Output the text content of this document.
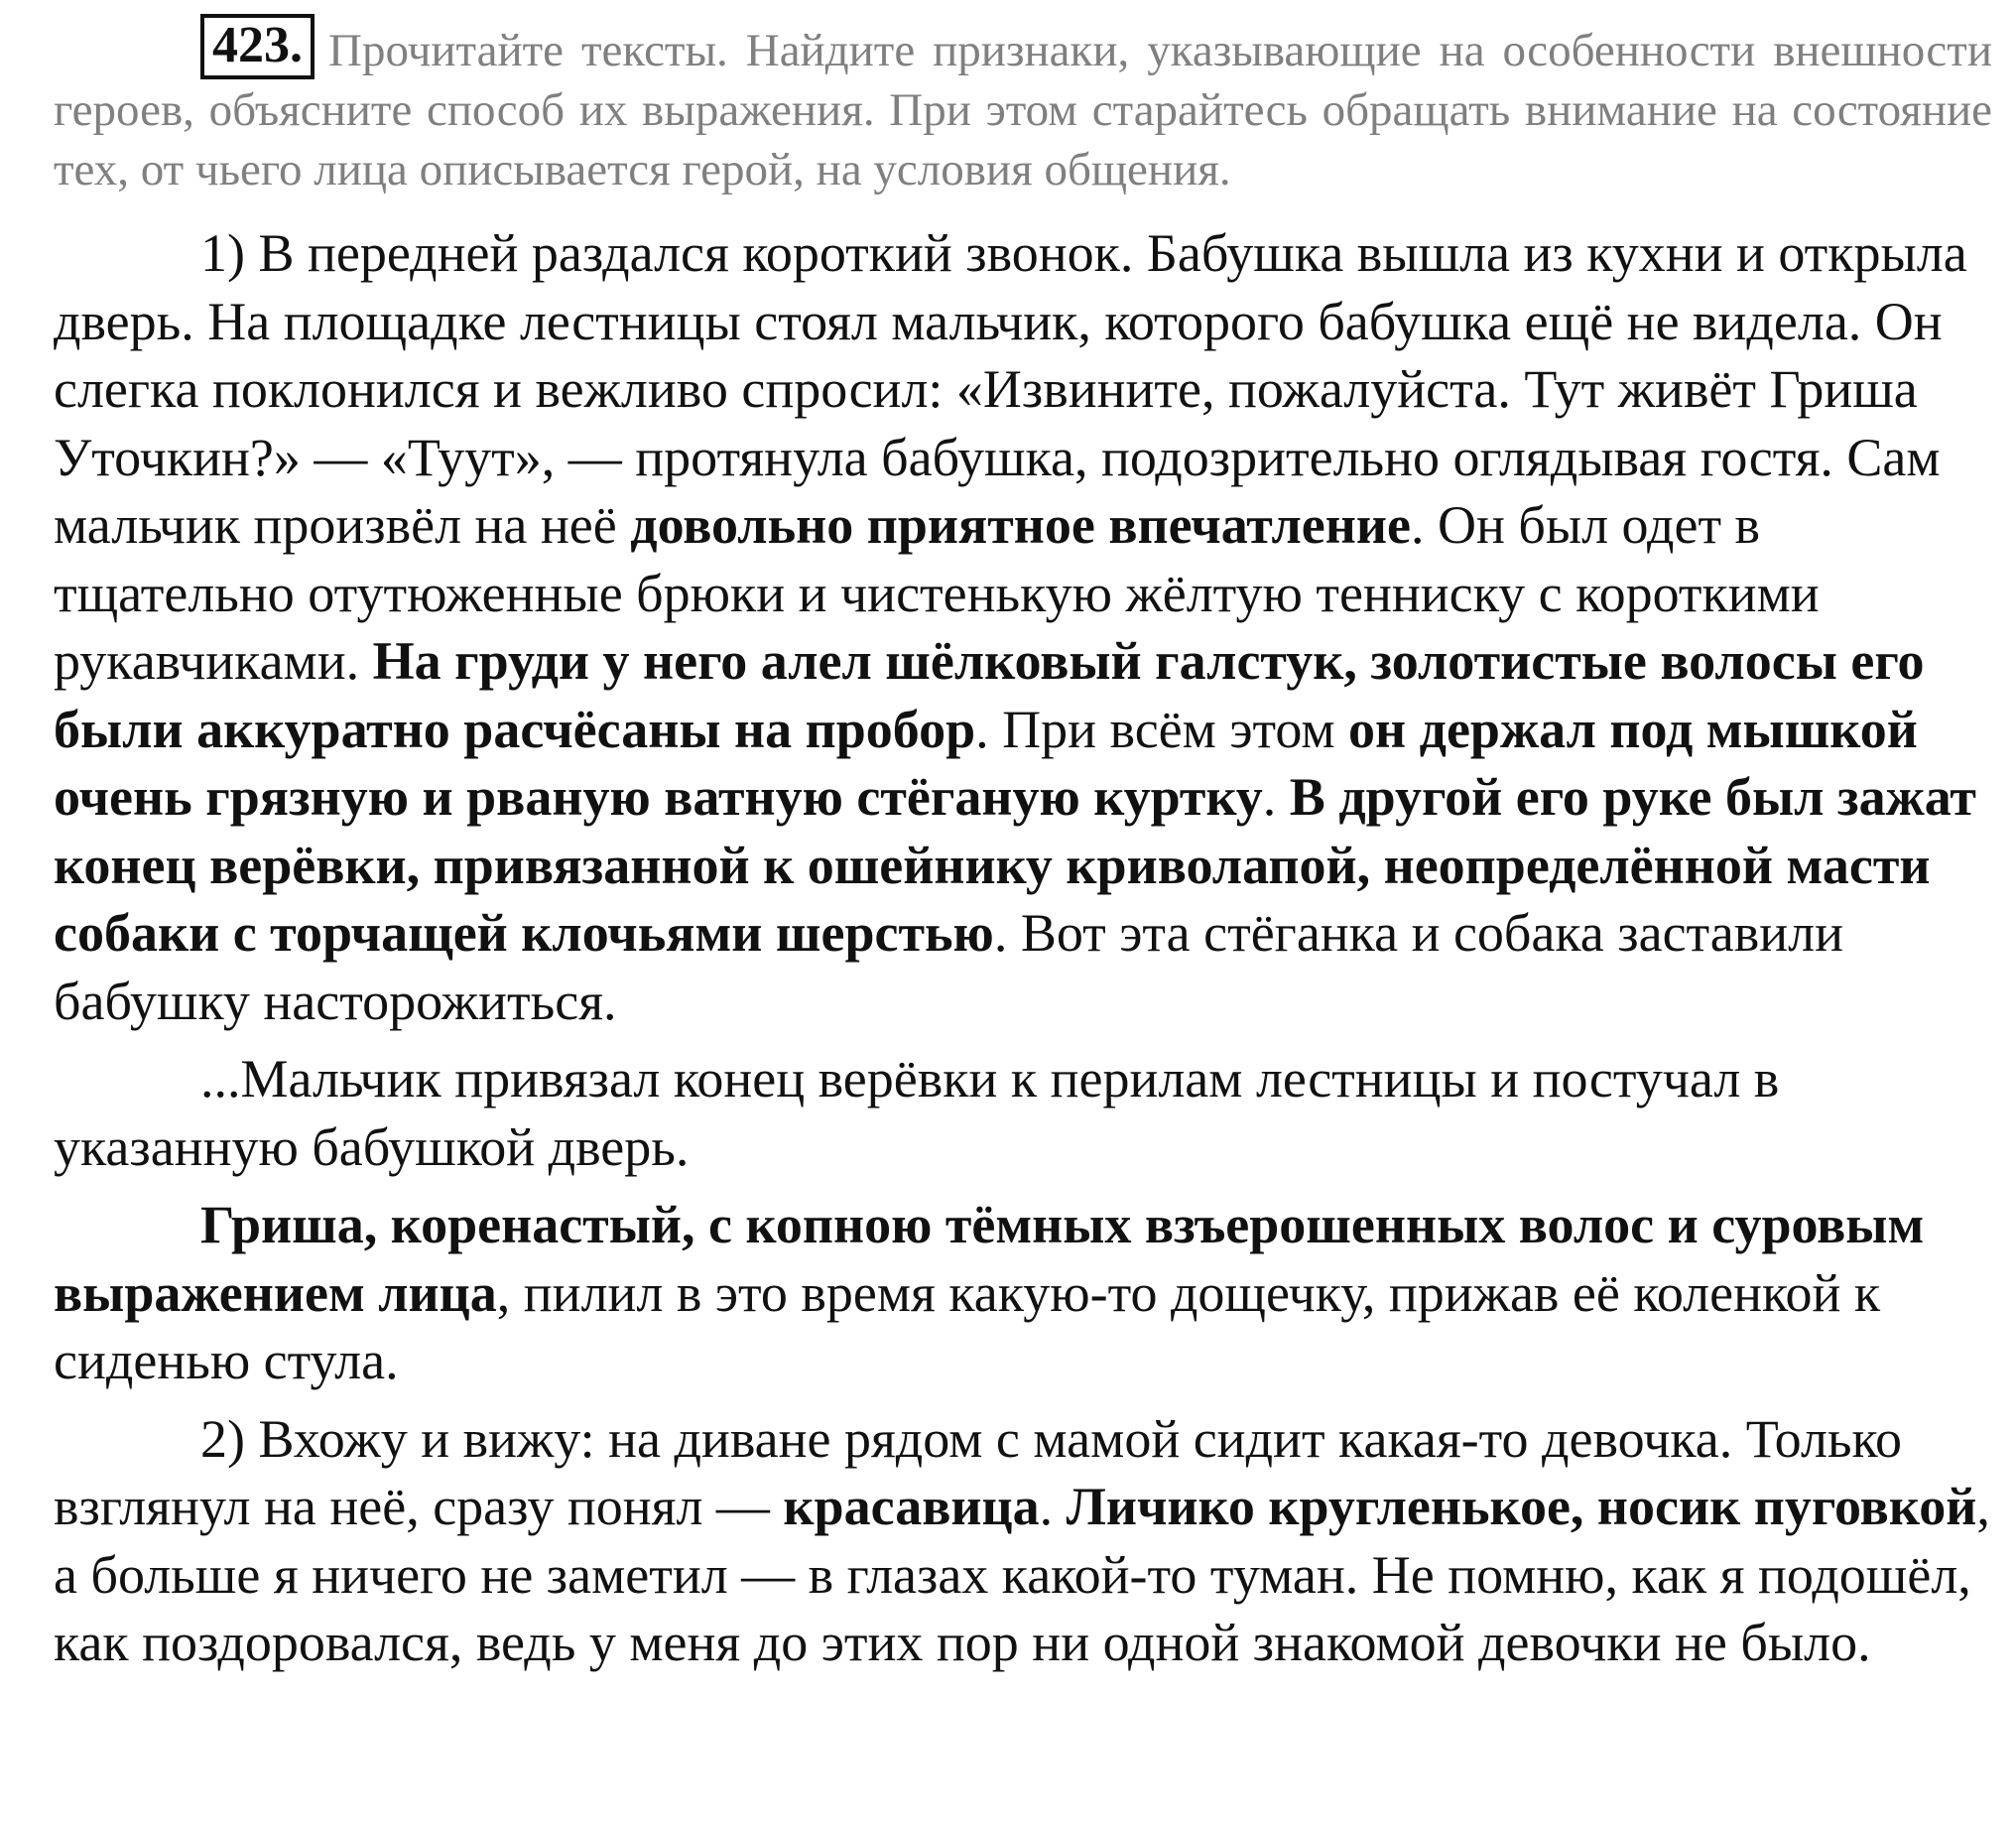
423. Прочитайте тексты. Найдите признаки, указывающие на особенности внешности героев, объясните способ их выражения. При этом старайтесь обращать внимание на состояние тех, от чьего лица описывается герой, на условия общения.

1) В передней раздался короткий звонок. Бабушка вышла из кухни и открыла дверь. На площадке лестницы стоял мальчик, которого бабушка ещё не видела. Он слегка поклонился и вежливо спросил: «Извините, пожалуйста. Тут живёт Гриша Уточкин?» — «Туут», — протянула бабушка, подозрительно оглядывая гостя. Сам мальчик произвёл на неё довольно приятное впечатление. Он был одет в тщательно отутюженные брюки и чистенькую жёлтую тенниску с короткими рукавчиками. На груди у него алел шёлковый галстук, золотистые волосы его были аккуратно расчёсаны на пробор. При всём этом он держал под мышкой очень грязную и рваную ватную стёганую куртку. В другой его руке был зажат конец верёвки, привязанной к ошейнику криволапой, неопределённой масти собаки с торчащей клочьями шерстью. Вот эта стёганка и собака заставили бабушку насторожиться.

...Мальчик привязал конец верёвки к перилам лестницы и постучал в указанную бабушкой дверь.

Гриша, коренастый, с копною тёмных взъерошенных волос и суровым выражением лица, пилил в это время какую-то дощечку, прижав её коленкой к сиденью стула.

2) Вхожу и вижу: на диване рядом с мамой сидит какая-то девочка. Только взглянул на неё, сразу понял — красавица. Личико кругленькое, носик пуговкой, а больше я ничего не заметил — в глазах какой-то туман. Не помню, как я подошёл, как поздоровался, ведь у меня до этих пор ни одной знакомой девочки не было.
